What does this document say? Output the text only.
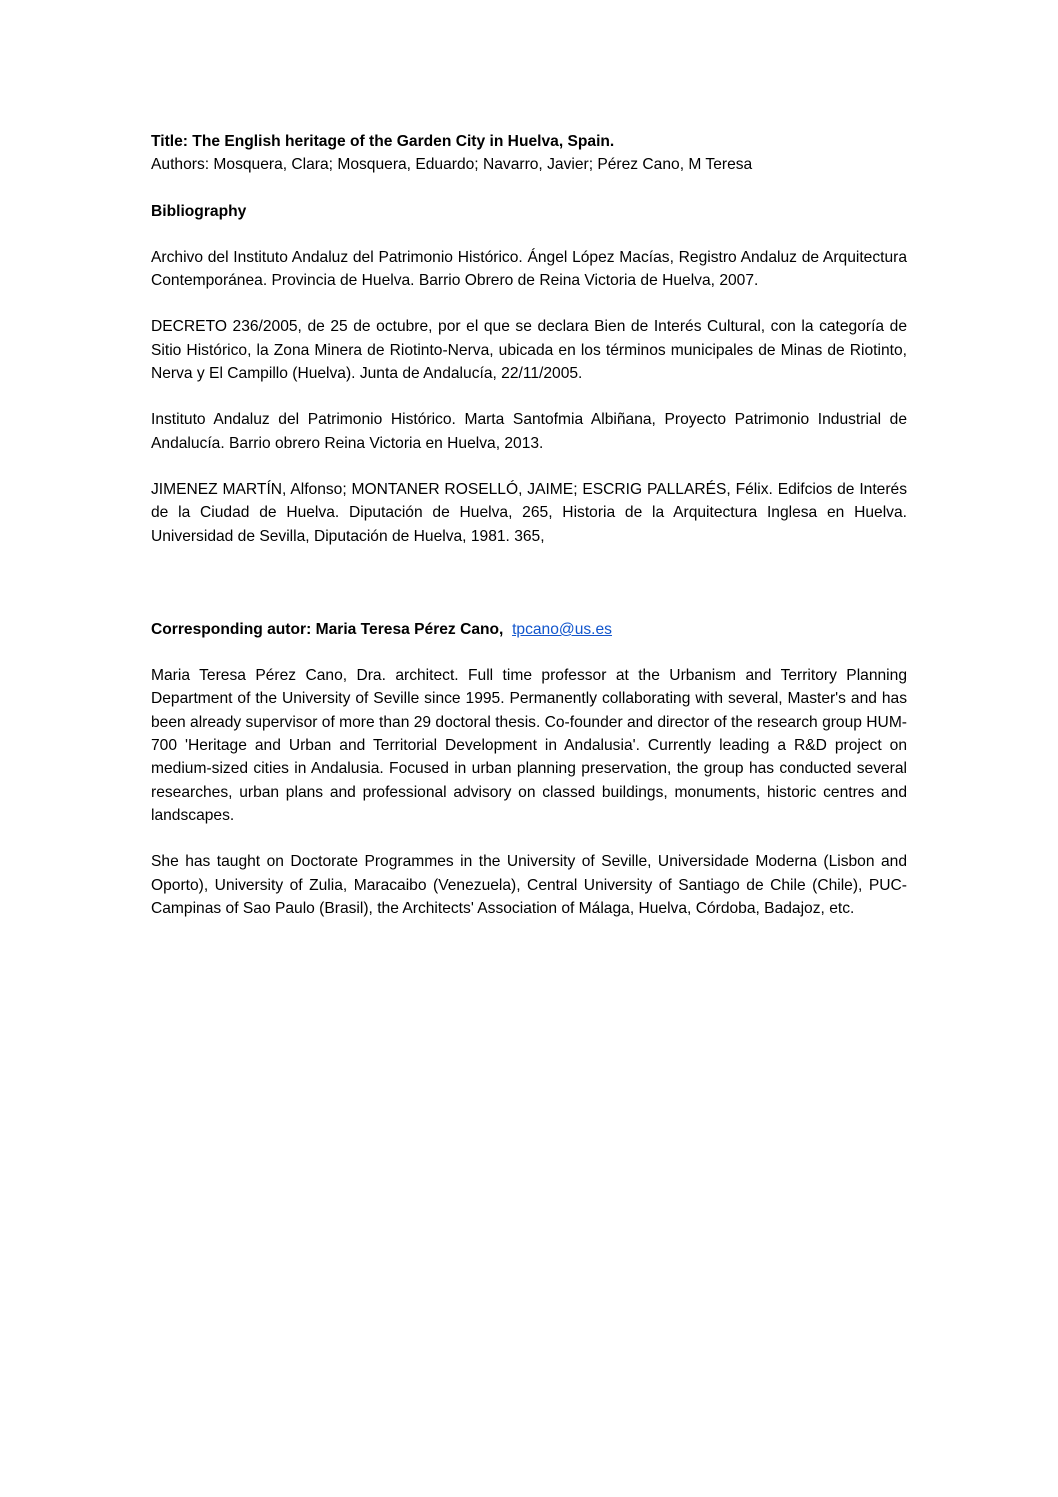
Title: The English heritage of the Garden City in Huelva, Spain.

Authors: Mosquera, Clara; Mosquera, Eduardo; Navarro, Javier; Pérez Cano, M Teresa

Bibliography

Archivo del Instituto Andaluz del Patrimonio Histórico. Ángel López Macías, Registro Andaluz de Arquitectura Contemporánea. Provincia de Huelva. Barrio Obrero de Reina Victoria de Huelva, 2007.

DECRETO 236/2005, de 25 de octubre, por el que se declara Bien de Interés Cultural, con la categoría de Sitio Histórico, la Zona Minera de Riotinto-Nerva, ubicada en los términos municipales de Minas de Riotinto, Nerva y El Campillo (Huelva). Junta de Andalucía, 22/11/2005.

Instituto Andaluz del Patrimonio Histórico. Marta Santofmia Albiñana, Proyecto Patrimonio Industrial de Andalucía. Barrio obrero Reina Victoria en Huelva, 2013.

JIMENEZ MARTÍN, Alfonso; MONTANER ROSELLÓ, JAIME; ESCRIG PALLARÉS, Félix. Edifcios de Interés de la Ciudad de Huelva. Diputación de Huelva, 265, Historia de la Arquitectura Inglesa en Huelva. Universidad de Sevilla, Diputación de Huelva, 1981. 365,

Corresponding autor: Maria Teresa Pérez Cano, tpcano@us.es

Maria Teresa Pérez Cano, Dra. architect. Full time professor at the Urbanism and Territory Planning Department of the University of Seville since 1995. Permanently collaborating with several, Master's and has been already supervisor of more than 29 doctoral thesis. Co-founder and director of the research group HUM-700 'Heritage and Urban and Territorial Development in Andalusia'. Currently leading a R&D project on medium-sized cities in Andalusia. Focused in urban planning preservation, the group has conducted several researches, urban plans and professional advisory on classed buildings, monuments, historic centres and landscapes.

She has taught on Doctorate Programmes in the University of Seville, Universidade Moderna (Lisbon and Oporto), University of Zulia, Maracaibo (Venezuela), Central University of Santiago de Chile (Chile), PUC-Campinas of Sao Paulo (Brasil), the Architects' Association of Málaga, Huelva, Córdoba, Badajoz, etc.
